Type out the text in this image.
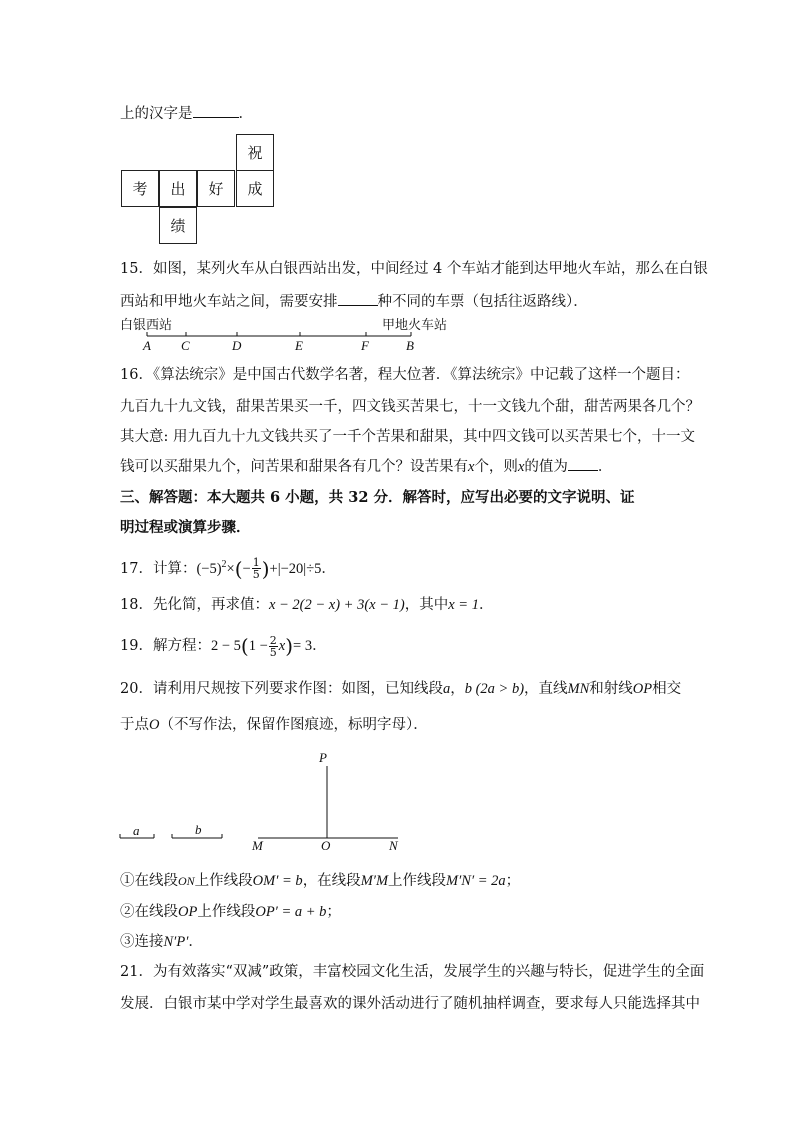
上的汉字是	．
祝
考	出	好	成
绩
15．如图，某列火车从白银西站出发，中间经过 4 个车站才能到达甲地火车站，那么在白银
西站和甲地火车站之间，需要安排	种不同的车票（包括往返路线）．
白银西站	甲地火车站
A C	D	E	F	B
16．《算法统宗》是中国古代数学名著，程大位著．《算法统宗》中记载了这样一个题目：
九百九十九文钱，甜果苦果买一千，四文钱买苦果七，十一文钱九个甜，甜苦两果各几个？
其大意: 用九百九十九文钱共买了一千个苦果和甜果，其中四文钱可以买苦果七个，十一文
钱可以买甜果九个，问苦果和甜果各有几个？设苦果有x个，则x的值为 ．
三、解答题：本大题共 6 小题，共 32 分．解答时，应写出必要的文字说明、证
明过程或演算步骤．
17．计算：$(-5)^2\times(- \frac{1}{5} )+|-20|\div 5$．
18．先化简，再求值：x − 2(2 − x) + 3(x − 1)，其中x = 1．
19．解方程：$2 - 5(1 - \frac{2}{5} x)= 3$．
20．请利用尺规按下列要求作图：如图，已知线段a，b (2a > b)，直线MN和射线OP相交
于点O（不写作法，保留作图痕迹，标明字母）．
a	b
P
M	O	N
①在线段ON上作线段OM′ = b，在线段M′M上作线段M′N′ = 2a；
②在线段OP上作线段OP′ = a + b；
③连接N′P′．
21．为有效落实“双减”政策，丰富校园文化生活，发展学生的兴趣与特长，促进学生的全面
发展．白银市某中学对学生最喜欢的课外活动进行了随机抽样调查，要求每人只能选择其中
